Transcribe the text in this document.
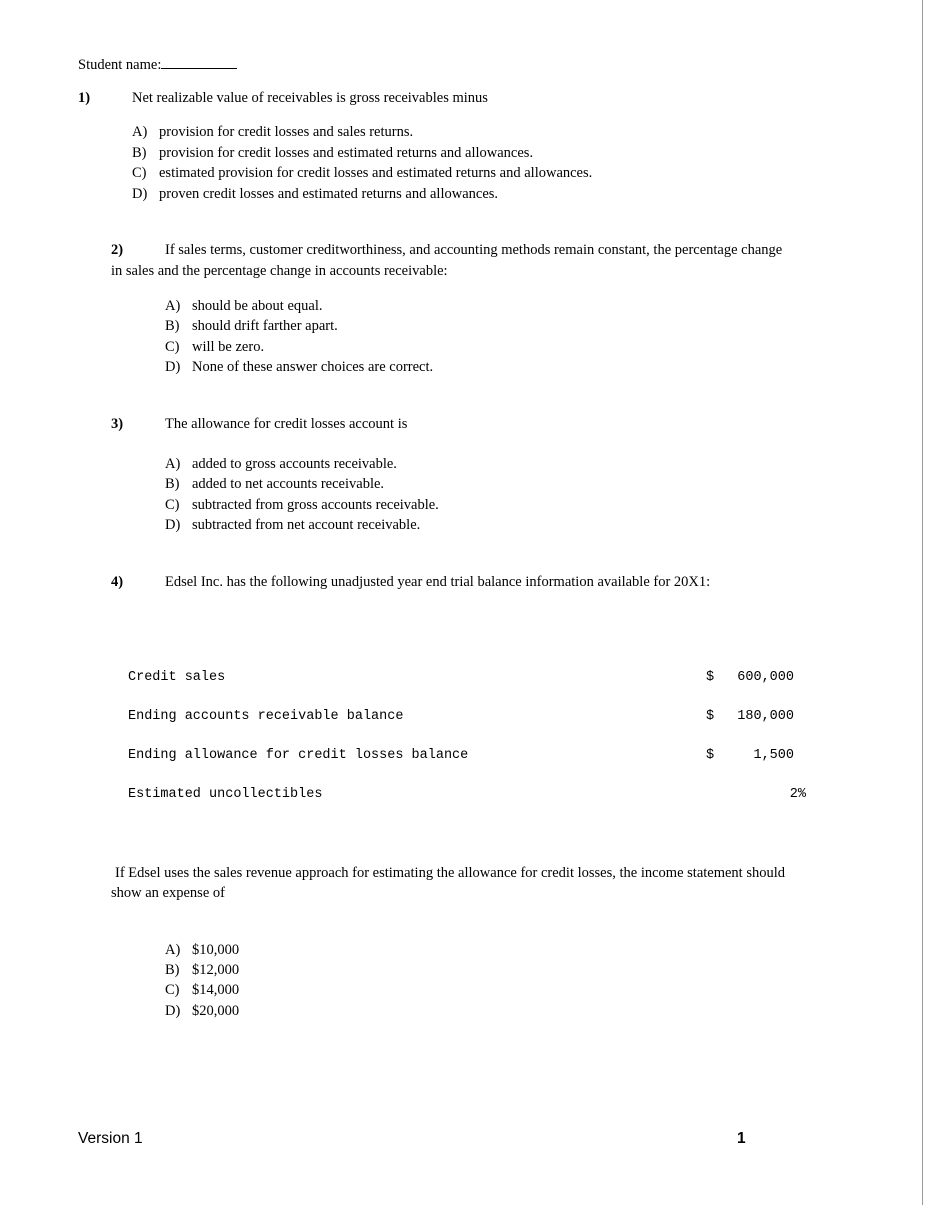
Student name:
1)	Net realizable value of receivables is gross receivables minus
A) provision for credit losses and sales returns.
B) provision for credit losses and estimated returns and allowances.
C) estimated provision for credit losses and estimated returns and allowances.
D) proven credit losses and estimated returns and allowances.
2)	If sales terms, customer creditworthiness, and accounting methods remain constant, the percentage change
in sales and the percentage change in accounts receivable:
A) should be about equal.
B) should drift farther apart.
C) will be zero.
D) None of these answer choices are correct.
3)	The allowance for credit losses account is
A) added to gross accounts receivable.
B) added to net accounts receivable.
C) subtracted from gross accounts receivable.
D) subtracted from net account receivable.
4)	Edsel Inc. has the following unadjusted year end trial balance information available for 20X1:
Credit sales	$	600,000
Ending accounts receivable balance	$	180,000
Ending allowance for credit losses balance	$	1,500
Estimated uncollectibles	2%
If Edsel uses the sales revenue approach for estimating the allowance for credit losses, the income statement should
show an expense of
A) $10,000
B) $12,000
C) $14,000
D) $20,000
Version 1	1
